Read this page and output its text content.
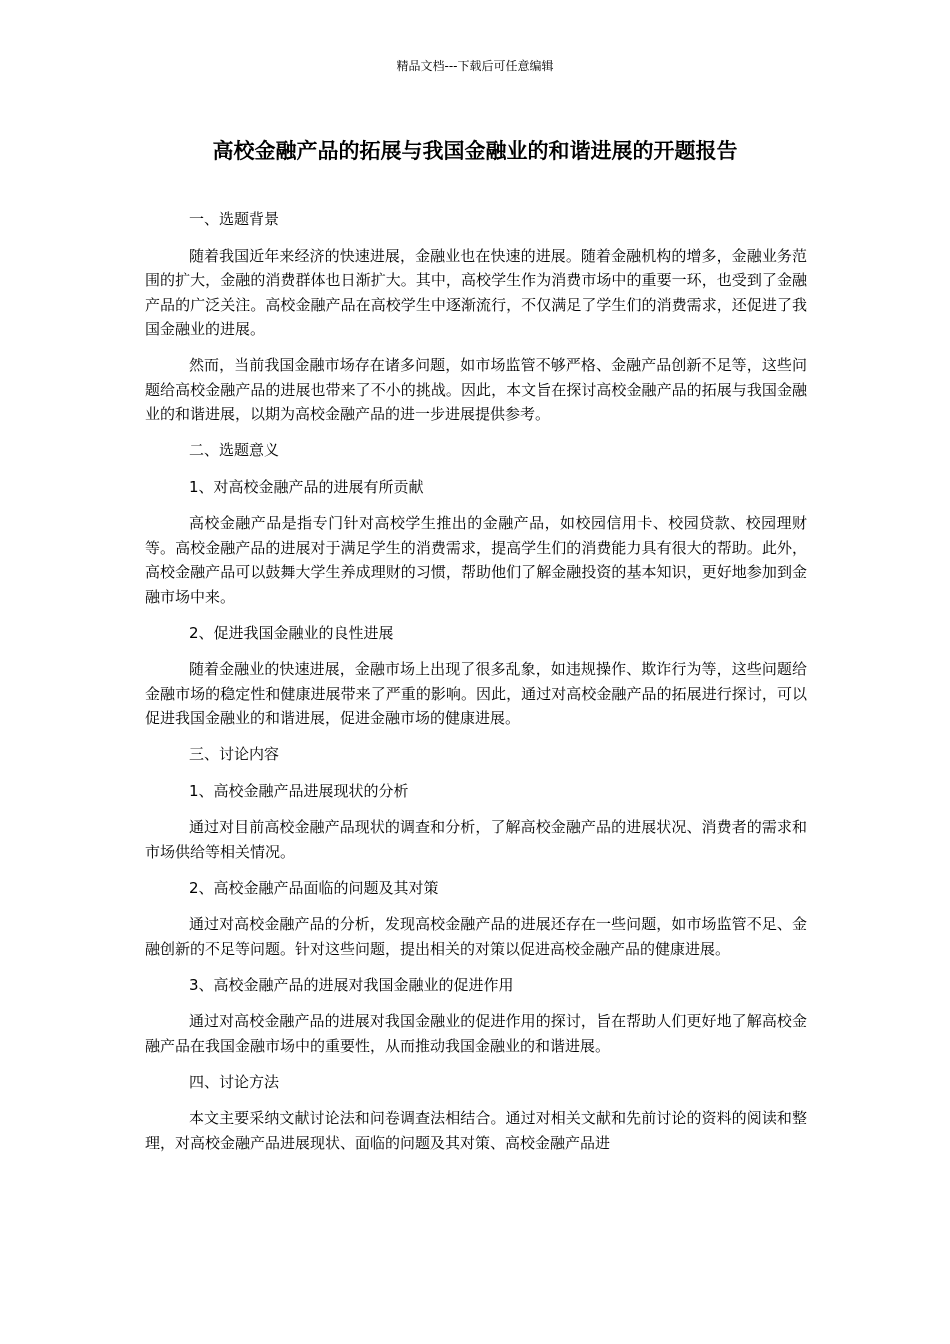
精品文档---下载后可任意编辑
高校金融产品的拓展与我国金融业的和谐进展的开题报告

一、选题背景

随着我国近年来经济的快速进展，金融业也在快速的进展。随着金融机构的增多，金融业务范围的扩大，金融的消费群体也日渐扩大。其中，高校学生作为消费市场中的重要一环，也受到了金融产品的广泛关注。高校金融产品在高校学生中逐渐流行，不仅满足了学生们的消费需求，还促进了我国金融业的进展。

然而，当前我国金融市场存在诸多问题，如市场监管不够严格、金融产品创新不足等，这些问题给高校金融产品的进展也带来了不小的挑战。因此，本文旨在探讨高校金融产品的拓展与我国金融业的和谐进展，以期为高校金融产品的进一步进展提供参考。

二、选题意义

1、对高校金融产品的进展有所贡献

高校金融产品是指专门针对高校学生推出的金融产品，如校园信用卡、校园贷款、校园理财等。高校金融产品的进展对于满足学生的消费需求，提高学生们的消费能力具有很大的帮助。此外，高校金融产品可以鼓舞大学生养成理财的习惯，帮助他们了解金融投资的基本知识，更好地参加到金融市场中来。

2、促进我国金融业的良性进展

随着金融业的快速进展，金融市场上出现了很多乱象，如违规操作、欺诈行为等，这些问题给金融市场的稳定性和健康进展带来了严重的影响。因此，通过对高校金融产品的拓展进行探讨，可以促进我国金融业的和谐进展，促进金融市场的健康进展。

三、讨论内容

1、高校金融产品进展现状的分析

通过对目前高校金融产品现状的调查和分析，了解高校金融产品的进展状况、消费者的需求和市场供给等相关情况。

2、高校金融产品面临的问题及其对策

通过对高校金融产品的分析，发现高校金融产品的进展还存在一些问题，如市场监管不足、金融创新的不足等问题。针对这些问题，提出相关的对策以促进高校金融产品的健康进展。

3、高校金融产品的进展对我国金融业的促进作用

通过对高校金融产品的进展对我国金融业的促进作用的探讨，旨在帮助人们更好地了解高校金融产品在我国金融市场中的重要性，从而推动我国金融业的和谐进展。

四、讨论方法

本文主要采纳文献讨论法和问卷调查法相结合。通过对相关文献和先前讨论的资料的阅读和整理，对高校金融产品进展现状、面临的问题及其对策、高校金融产品进
